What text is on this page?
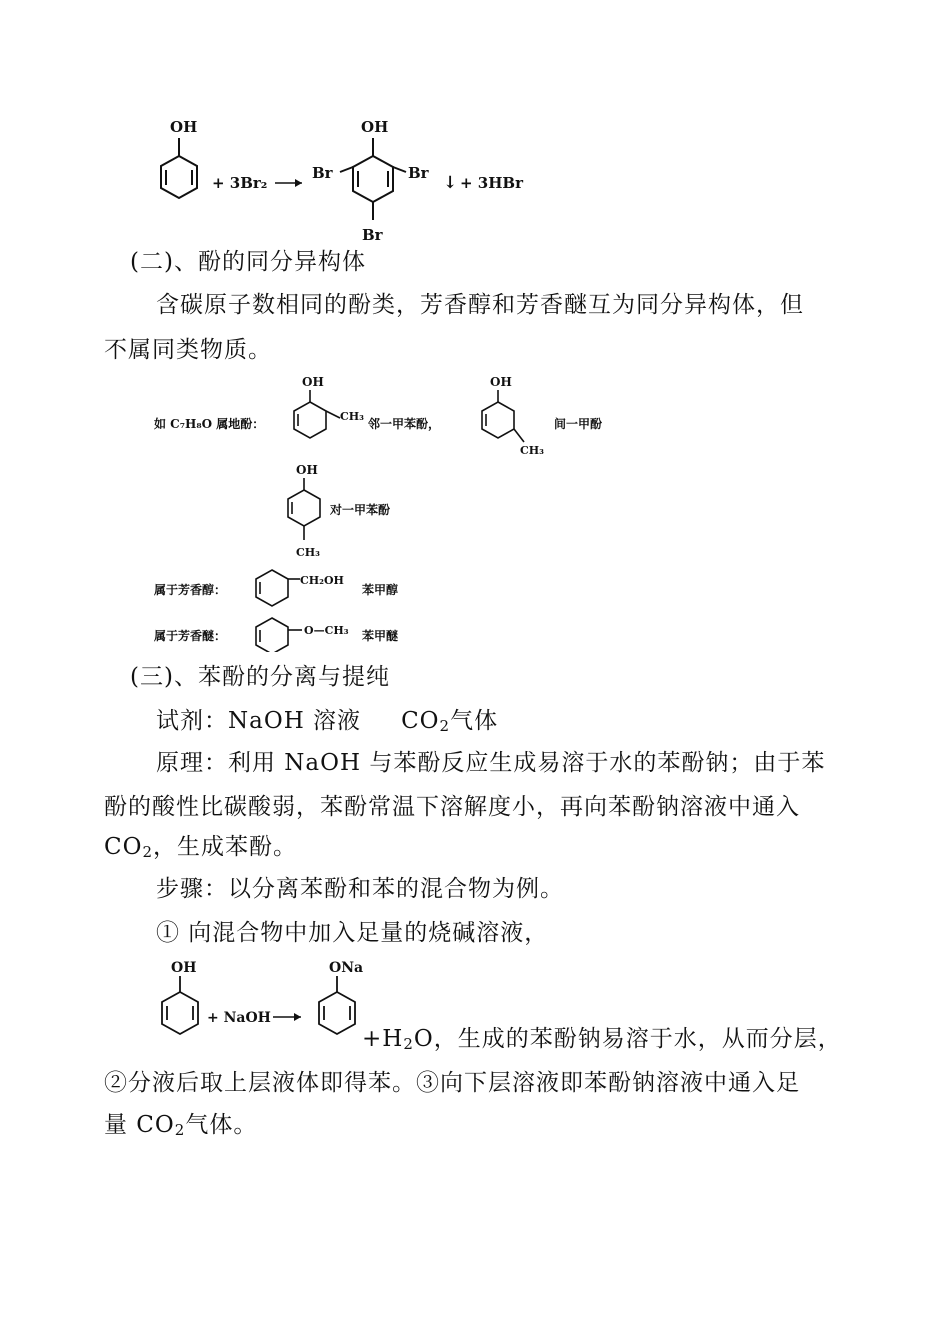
OH
+ 3Br₂
OH
Br	Br
Br
↓ + 3HBr
(二)、酚的同分异构体
含碳原子数相同的酚类，芳香醇和芳香醚互为同分异构体，但
不属同类物质。
如 C₇H₈O 属地酚：
OH
CH₃
邻一甲苯酚，
OH
CH₃
间一甲酚
OH
CH₃
对一甲苯酚
属于芳香醇：
CH₂OH
苯甲醇
属于芳香醚：	O—CH₃ 苯甲醚
(三)、苯酚的分离与提纯
试剂：NaOH 溶液 $CO_2$气体
原理：利用 NaOH 与苯酚反应生成易溶于水的苯酚钠；由于苯
酚的酸性比碳酸弱，苯酚常温下溶解度小，再向苯酚钠溶液中通入
$CO_2$，生成苯酚。
步骤：以分离苯酚和苯的混合物为例。
① 向混合物中加入足量的烧碱溶液，
OH
+ NaOH
ONa
$+H_2O$，生成的苯酚钠易溶于水，从而分层，
②分液后取上层液体即得苯。③向下层溶液即苯酚钠溶液中通入足
量 $CO_2$气体。
